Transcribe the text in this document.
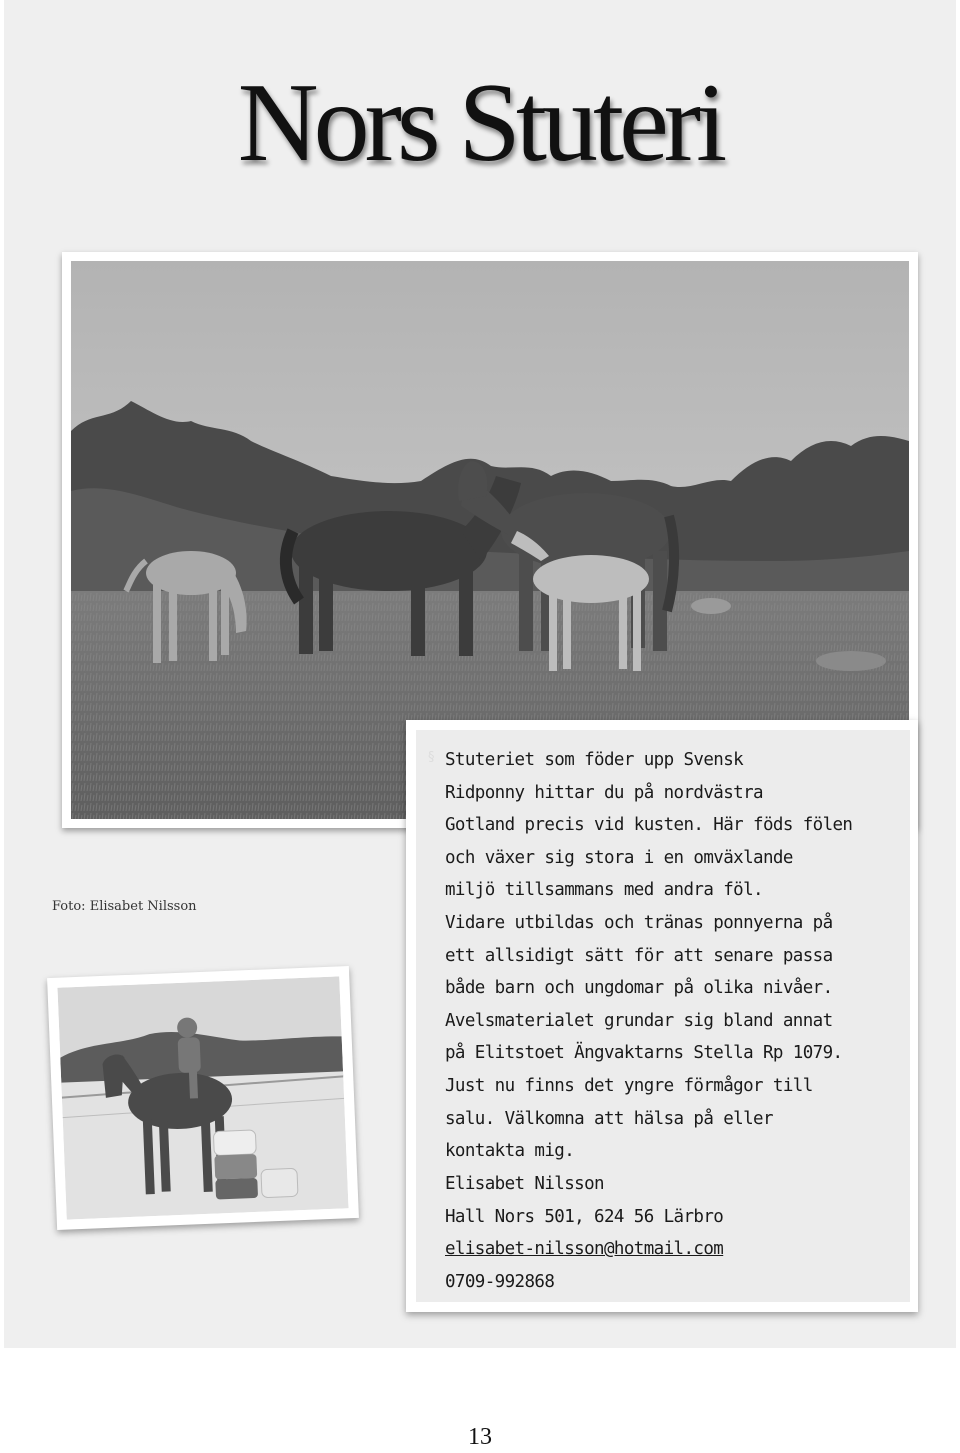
Nors Stuteri
Foto: Elisabet Nilsson
§ Stuteriet som föder upp Svensk
Ridponny hittar du på nordvästra
Gotland precis vid kusten. Här föds fölen
och växer sig stora i en omväxlande
miljö tillsammans med andra föl.
Vidare utbildas och tränas ponnyerna på
ett allsidigt sätt för att senare passa
både barn och ungdomar på olika nivåer.
Avelsmaterialet grundar sig bland annat
på Elitstoet Ängvaktarns Stella Rp 1079.
Just nu finns det yngre förmågor till
salu. Välkomna att hälsa på eller
kontakta mig.

Elisabet Nilsson

Hall Nors 501, 624 56 Lärbro

elisabet-nilsson@hotmail.com

0709-992868

13
